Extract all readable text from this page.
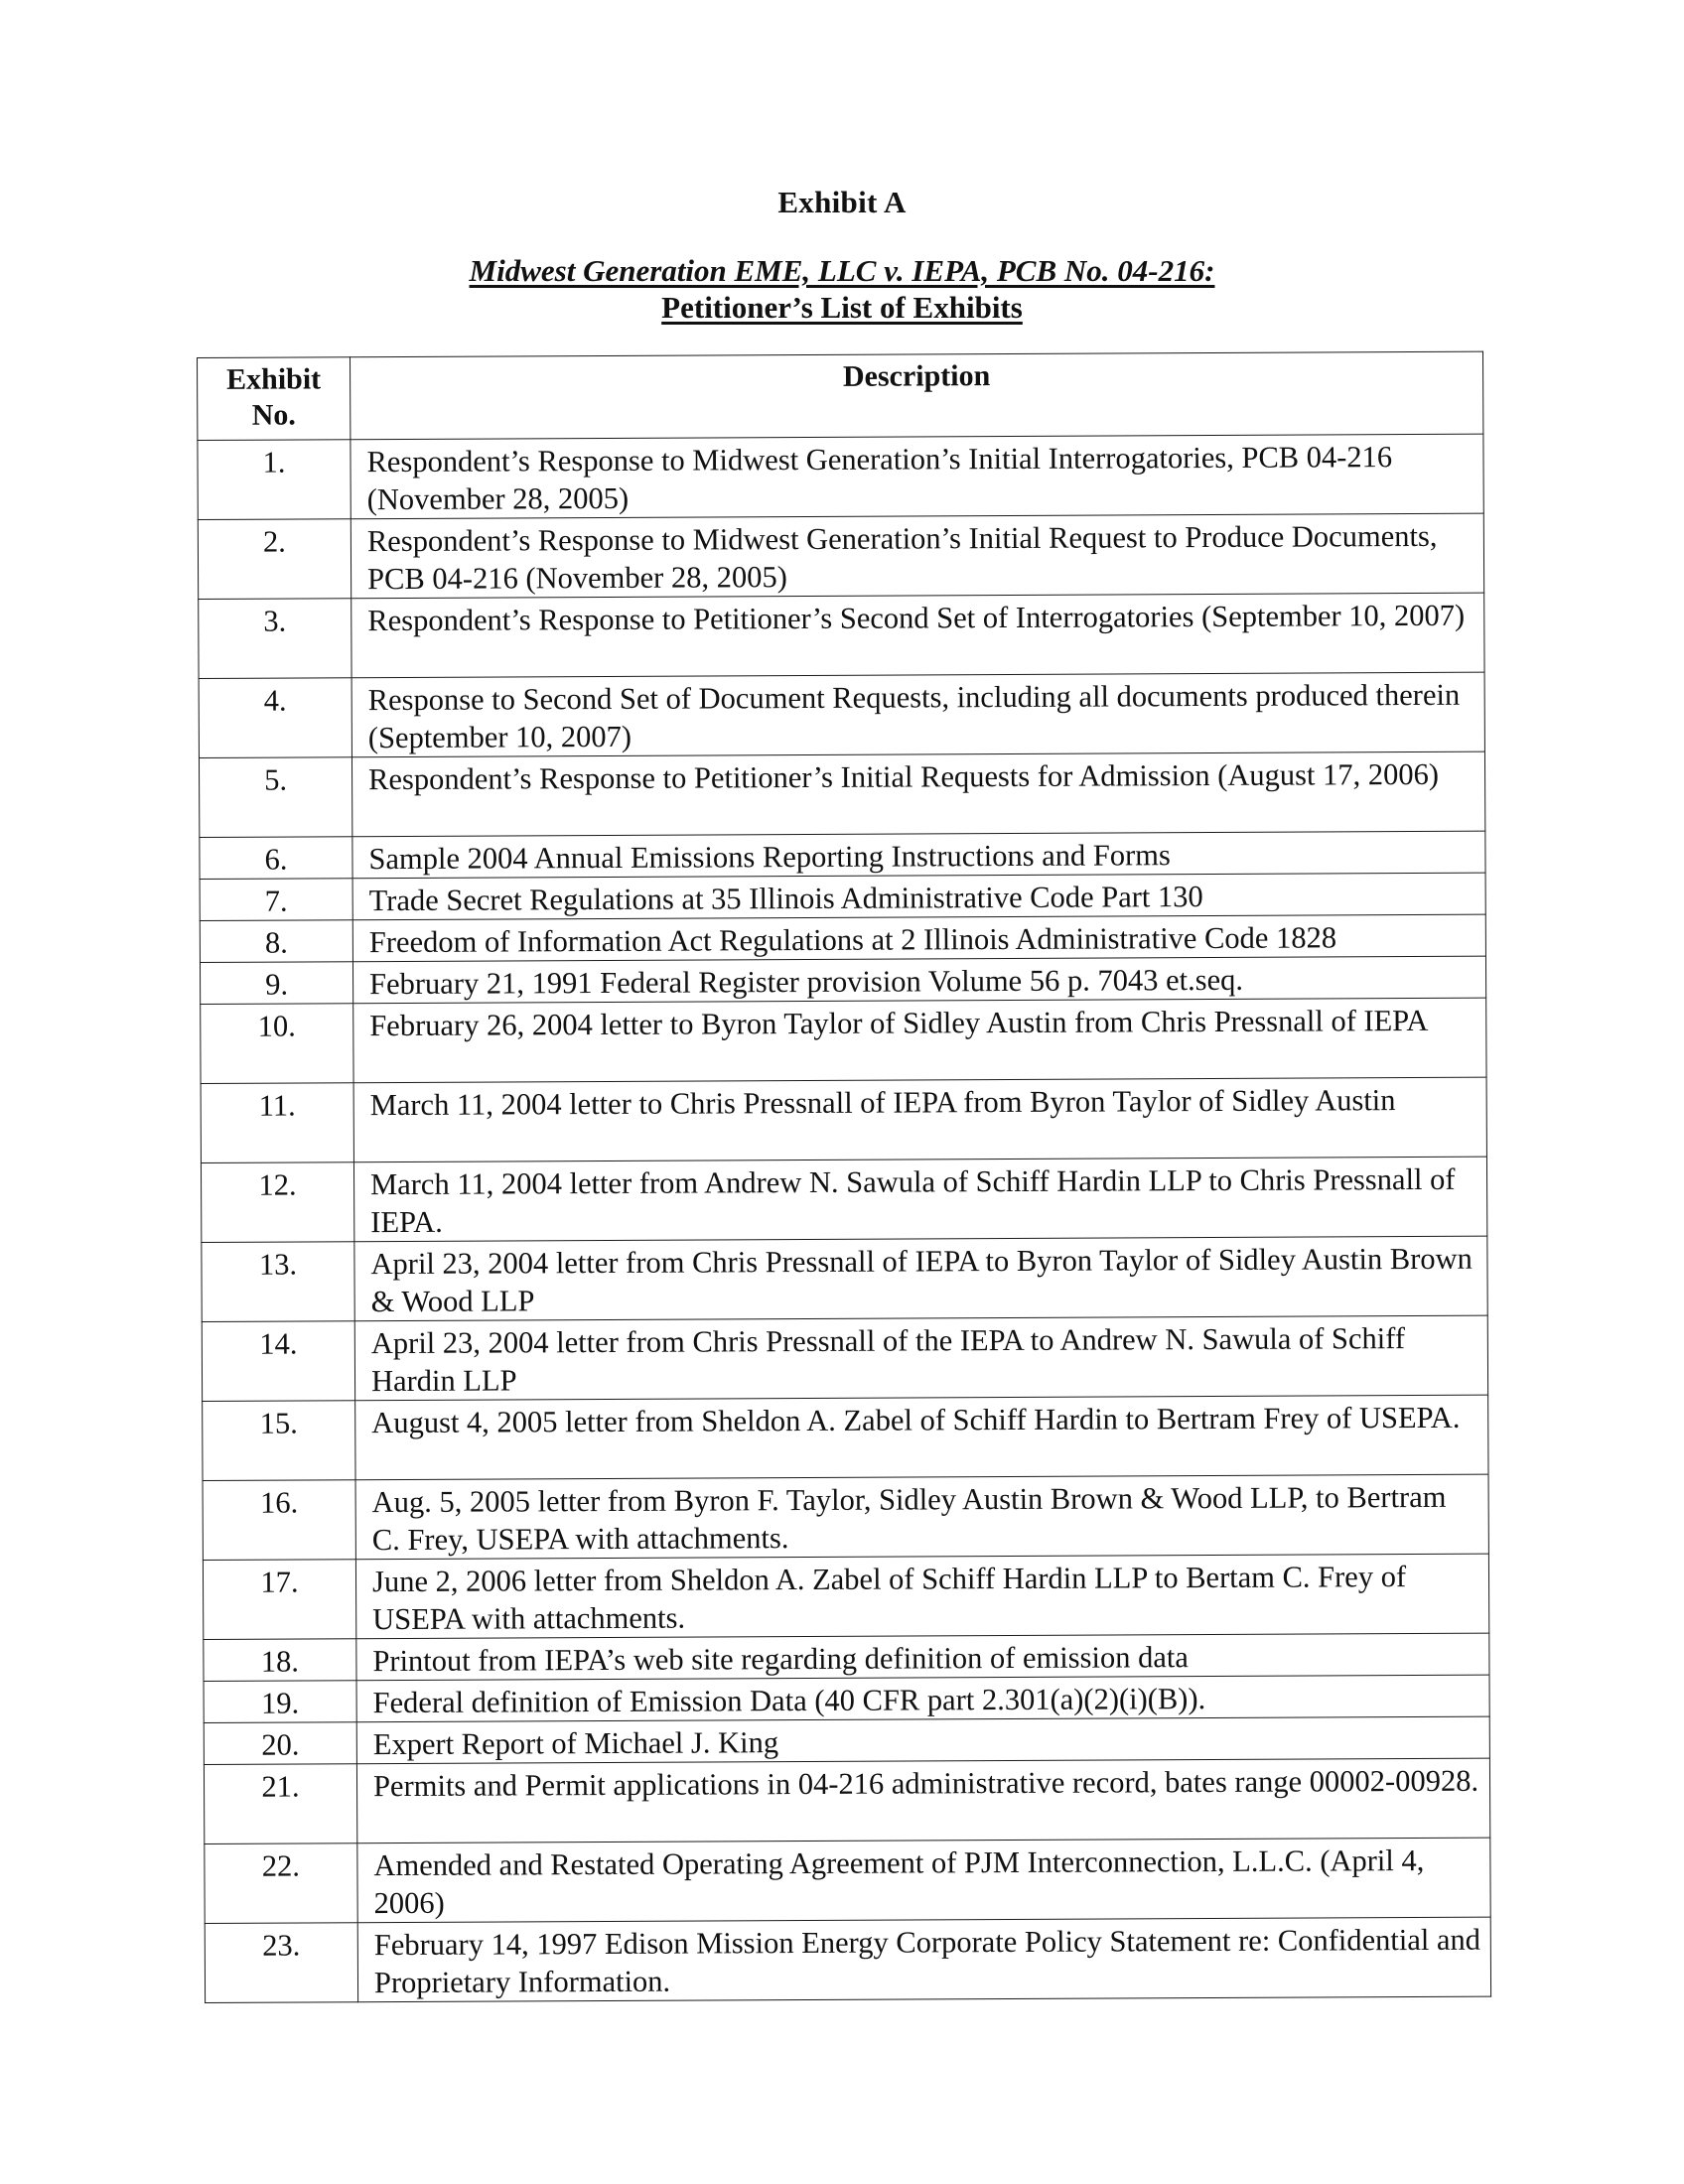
Exhibit A
Midwest Generation EME, LLC v. IEPA, PCB No. 04-216:
Petitioner’s List of Exhibits
Exhibit No.	Description
1.	Respondent’s Response to Midwest Generation’s Initial Interrogatories, PCB 04-216 (November 28, 2005)
2.	Respondent’s Response to Midwest Generation’s Initial Request to Produce Documents, PCB 04-216 (November 28, 2005)
3.	Respondent’s Response to Petitioner’s Second Set of Interrogatories (September 10, 2007)
4.	Response to Second Set of Document Requests, including all documents produced therein (September 10, 2007)
5.	Respondent’s Response to Petitioner’s Initial Requests for Admission (August 17, 2006)
6.	Sample 2004 Annual Emissions Reporting Instructions and Forms
7.	Trade Secret Regulations at 35 Illinois Administrative Code Part 130
8.	Freedom of Information Act Regulations at 2 Illinois Administrative Code 1828
9.	February 21, 1991 Federal Register provision Volume 56 p. 7043 et.seq.
10.	February 26, 2004 letter to Byron Taylor of Sidley Austin from Chris Pressnall of IEPA
11.	March 11, 2004 letter to Chris Pressnall of IEPA from Byron Taylor of Sidley Austin
12.	March 11, 2004 letter from Andrew N. Sawula of Schiff Hardin LLP to Chris Pressnall of IEPA.
13.	April 23, 2004 letter from Chris Pressnall of IEPA to Byron Taylor of Sidley Austin Brown & Wood LLP
14.	April 23, 2004 letter from Chris Pressnall of the IEPA to Andrew N. Sawula of Schiff Hardin LLP
15.	August 4, 2005 letter from Sheldon A. Zabel of Schiff Hardin to Bertram Frey of USEPA.
16.	Aug. 5, 2005 letter from Byron F. Taylor, Sidley Austin Brown & Wood LLP, to Bertram C. Frey, USEPA with attachments.
17.	June 2, 2006 letter from Sheldon A. Zabel of Schiff Hardin LLP to Bertam C. Frey of USEPA with attachments.
18.	Printout from IEPA’s web site regarding definition of emission data
19.	Federal definition of Emission Data (40 CFR part 2.301(a)(2)(i)(B)).
20.	Expert Report of Michael J. King
21.	Permits and Permit applications in 04-216 administrative record, bates range 00002-00928.
22.	Amended and Restated Operating Agreement of PJM Interconnection, L.L.C. (April 4, 2006)
23.	February 14, 1997 Edison Mission Energy Corporate Policy Statement re: Confidential and Proprietary Information.
